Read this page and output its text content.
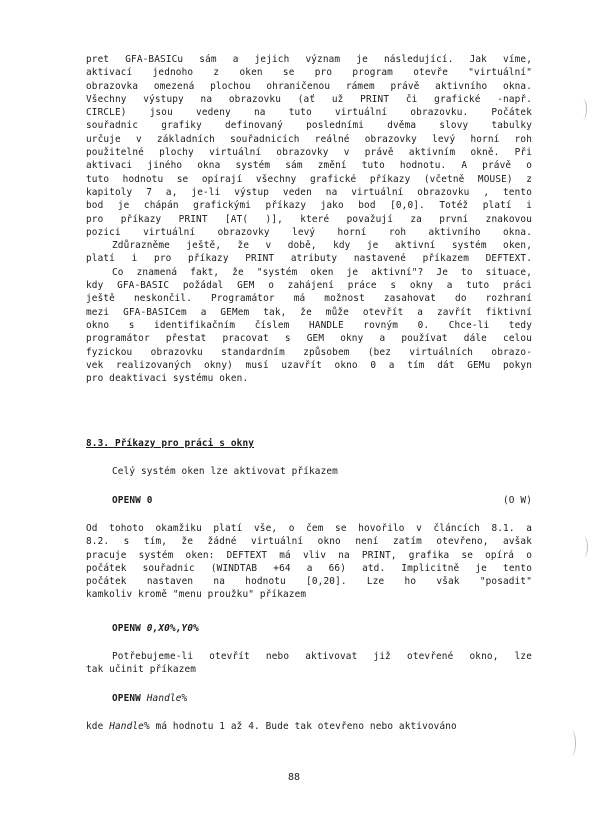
pret GFA-BASICu sám a jejich význam je následující. Jak víme,
aktivací jednoho z oken se pro program otevře "virtuální"
obrazovka omezená plochou ohraničenou rámem právě aktivního okna.
Všechny výstupy na obrazovku (ať už PRINT či grafické -např.
CIRCLE) jsou vedeny na tuto virtuální obrazovku. Počátek
souřadnic grafiky definovaný posledními dvěma slovy tabulky
určuje v základních souřadnicích reálné obrazovky levý horní roh
použitelné plochy virtuální obrazovky v právě aktivním okně. Při
aktivaci jiného okna systém sám změní tuto hodnotu. A právě o
tuto hodnotu se opírají všechny grafické příkazy (včetně MOUSE) z
kapitoly 7 a, je-li výstup veden na virtuální obrazovku , tento
bod je chápán grafickými příkazy jako bod [0,0]. Totéž platí i
pro příkazy PRINT [AT( )], které považují za první znakovou
pozici virtuální obrazovky levý horní roh aktivního okna.
Zdůrazněme ještě, že v době, kdy je aktivní systém oken,
platí i pro příkazy PRINT atributy nastavené příkazem DEFTEXT.
Co znamená fakt, že "systém oken je aktivní"? Je to situace,
kdy GFA-BASIC požádal GEM o zahájení práce s okny a tuto práci
ještě neskončil. Programátor má možnost zasahovat do rozhraní
mezi GFA-BASICem a GEMem tak, že může otevřít a zavřít fiktivní
okno s identifikačním číslem HANDLE rovným 0. Chce-li tedy
programátor přestat pracovat s GEM okny a používat dále celou
fyzickou obrazovku standardním způsobem (bez virtuálních obrazo-
vek realizovaných okny) musí uzavřít okno 0 a tím dát GEMu pokyn
pro deaktivaci systému oken.
8.3. Příkazy pro práci s okny
Celý systém oken lze aktivovat příkazem
OPENW 0	(O W)
Od tohoto okamžiku platí vše, o čem se hovořilo v článcích 8.1. a
8.2. s tím, že žádné virtuální okno není zatím otevřeno, avšak
pracuje systém oken: DEFTEXT má vliv na PRINT, grafika se opírá o
počátek souřadnic (WINDTAB +64 a 66) atd. Implicitně je tento
počátek nastaven na hodnotu [0,20]. Lze ho však "posadit"
kamkoliv kromě "menu proužku" příkazem
OPENW 0,X0%,Y0%
Potřebujeme-li otevřít nebo aktivovat již otevřené okno, lze
tak učinit příkazem
OPENW Handle%
kde Handle% má hodnotu 1 až 4. Bude tak otevřeno nebo aktivováno
88
